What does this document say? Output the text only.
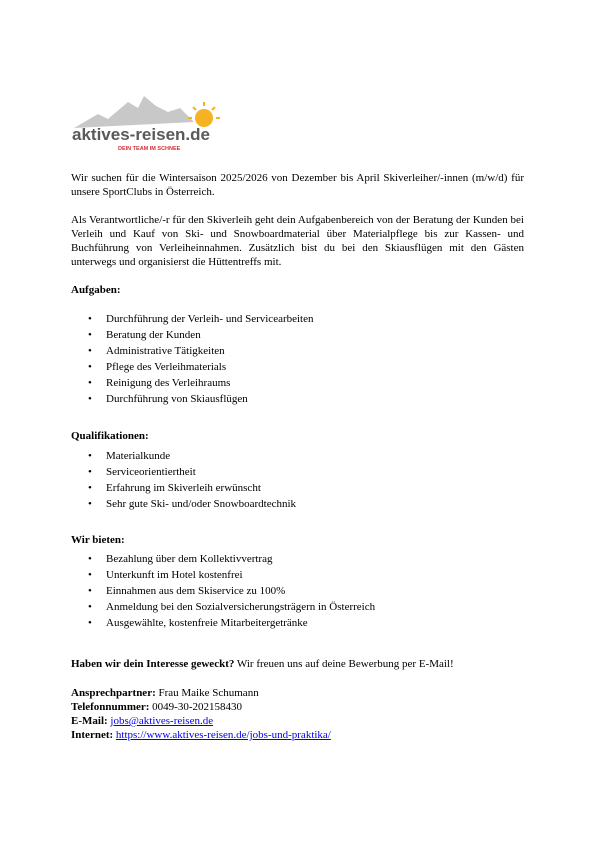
aktives-reisen.de
DEIN TEAM IM SCHNEE

Wir suchen für die Wintersaison 2025/2026 von Dezember bis April Skiverleiher/-innen (m/w/d) für unsere SportClubs in Österreich.

Als Verantwortliche/-r für den Skiverleih geht dein Aufgabenbereich von der Beratung der Kunden bei Verleih und Kauf von Ski- und Snowboardmaterial über Materialpflege bis zur Kassen- und Buchführung von Verleiheinnahmen. Zusätzlich bist du bei den Skiausflügen mit den Gästen unterwegs und organisierst die Hüttentreffs mit.

Aufgaben:

• Durchführung der Verleih- und Servicearbeiten
• Beratung der Kunden
• Administrative Tätigkeiten
• Pflege des Verleihmaterials
• Reinigung des Verleihraums
• Durchführung von Skiausflügen

Qualifikationen:

• Materialkunde
• Serviceorientiertheit
• Erfahrung im Skiverleih erwünscht
• Sehr gute Ski- und/oder Snowboardtechnik

Wir bieten:

• Bezahlung über dem Kollektivvertrag
• Unterkunft im Hotel kostenfrei
• Einnahmen aus dem Skiservice zu 100%
• Anmeldung bei den Sozialversicherungsträgern in Österreich
• Ausgewählte, kostenfreie Mitarbeitergetränke

Haben wir dein Interesse geweckt? Wir freuen uns auf deine Bewerbung per E-Mail!

Ansprechpartner: Frau Maike Schumann

Telefonnummer: 0049-30-202158430

E-Mail: jobs@aktives-reisen.de

Internet: https://www.aktives-reisen.de/jobs-und-praktika/
